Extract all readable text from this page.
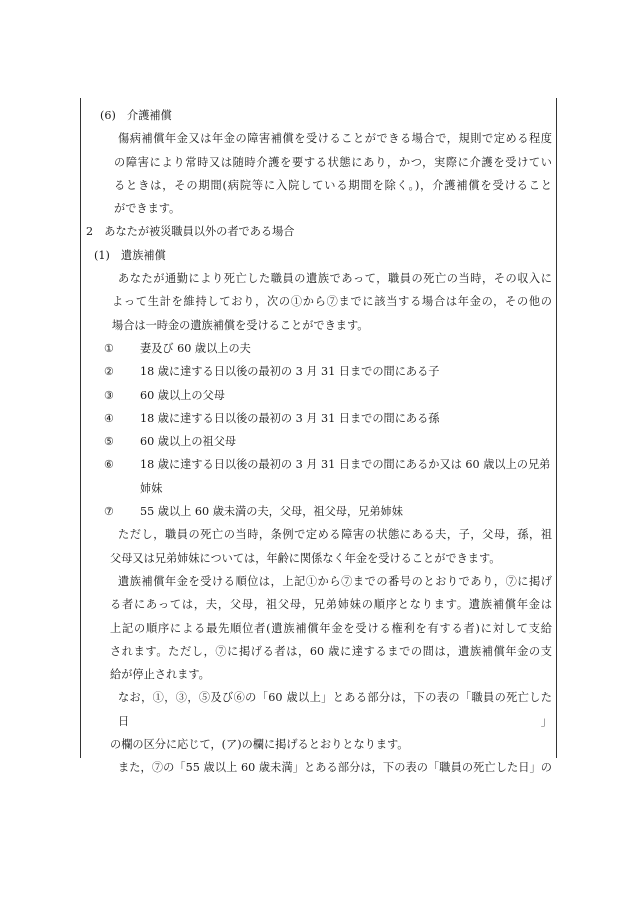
(6)　介護補償
傷病補償年金又は年金の障害補償を受けることができる場合で，規則で定める程度
の障害により常時又は随時介護を要する状態にあり，かつ，実際に介護を受けてい
るときは，その期間(病院等に入院している期間を除く。)，介護補償を受けること
ができます。
2　あなたが被災職員以外の者である場合
(1)　遺族補償
あなたが通勤により死亡した職員の遺族であって，職員の死亡の当時，その収入に
よって生計を維持しており，次の①から⑦までに該当する場合は年金の，その他の
場合は一時金の遺族補償を受けることができます。
① 妻及び 60 歳以上の夫
② 18 歳に達する日以後の最初の 3 月 31 日までの間にある子
③ 60 歳以上の父母
④ 18 歳に達する日以後の最初の 3 月 31 日までの間にある孫
⑤ 60 歳以上の祖父母
⑥ 18 歳に達する日以後の最初の 3 月 31 日までの間にあるか又は 60 歳以上の兄弟
姉妹
⑦ 55 歳以上 60 歳未満の夫，父母，祖父母，兄弟姉妹
ただし，職員の死亡の当時，条例で定める障害の状態にある夫，子，父母，孫，祖
父母又は兄弟姉妹については，年齢に関係なく年金を受けることができます。
遺族補償年金を受ける順位は，上記①から⑦までの番号のとおりであり，⑦に掲げ
る者にあっては，夫，父母，祖父母，兄弟姉妹の順序となります。遺族補償年金は
上記の順序による最先順位者(遺族補償年金を受ける権利を有する者)に対して支給
されます。ただし，⑦に掲げる者は，60 歳に達するまでの間は，遺族補償年金の支
給が停止されます。
なお，①，③，⑤及び⑥の「60 歳以上」とある部分は，下の表の「職員の死亡した日」
の欄の区分に応じて，(ア)の欄に掲げるとおりとなります。
また，⑦の「55 歳以上 60 歳未満」とある部分は，下の表の「職員の死亡した日」の
